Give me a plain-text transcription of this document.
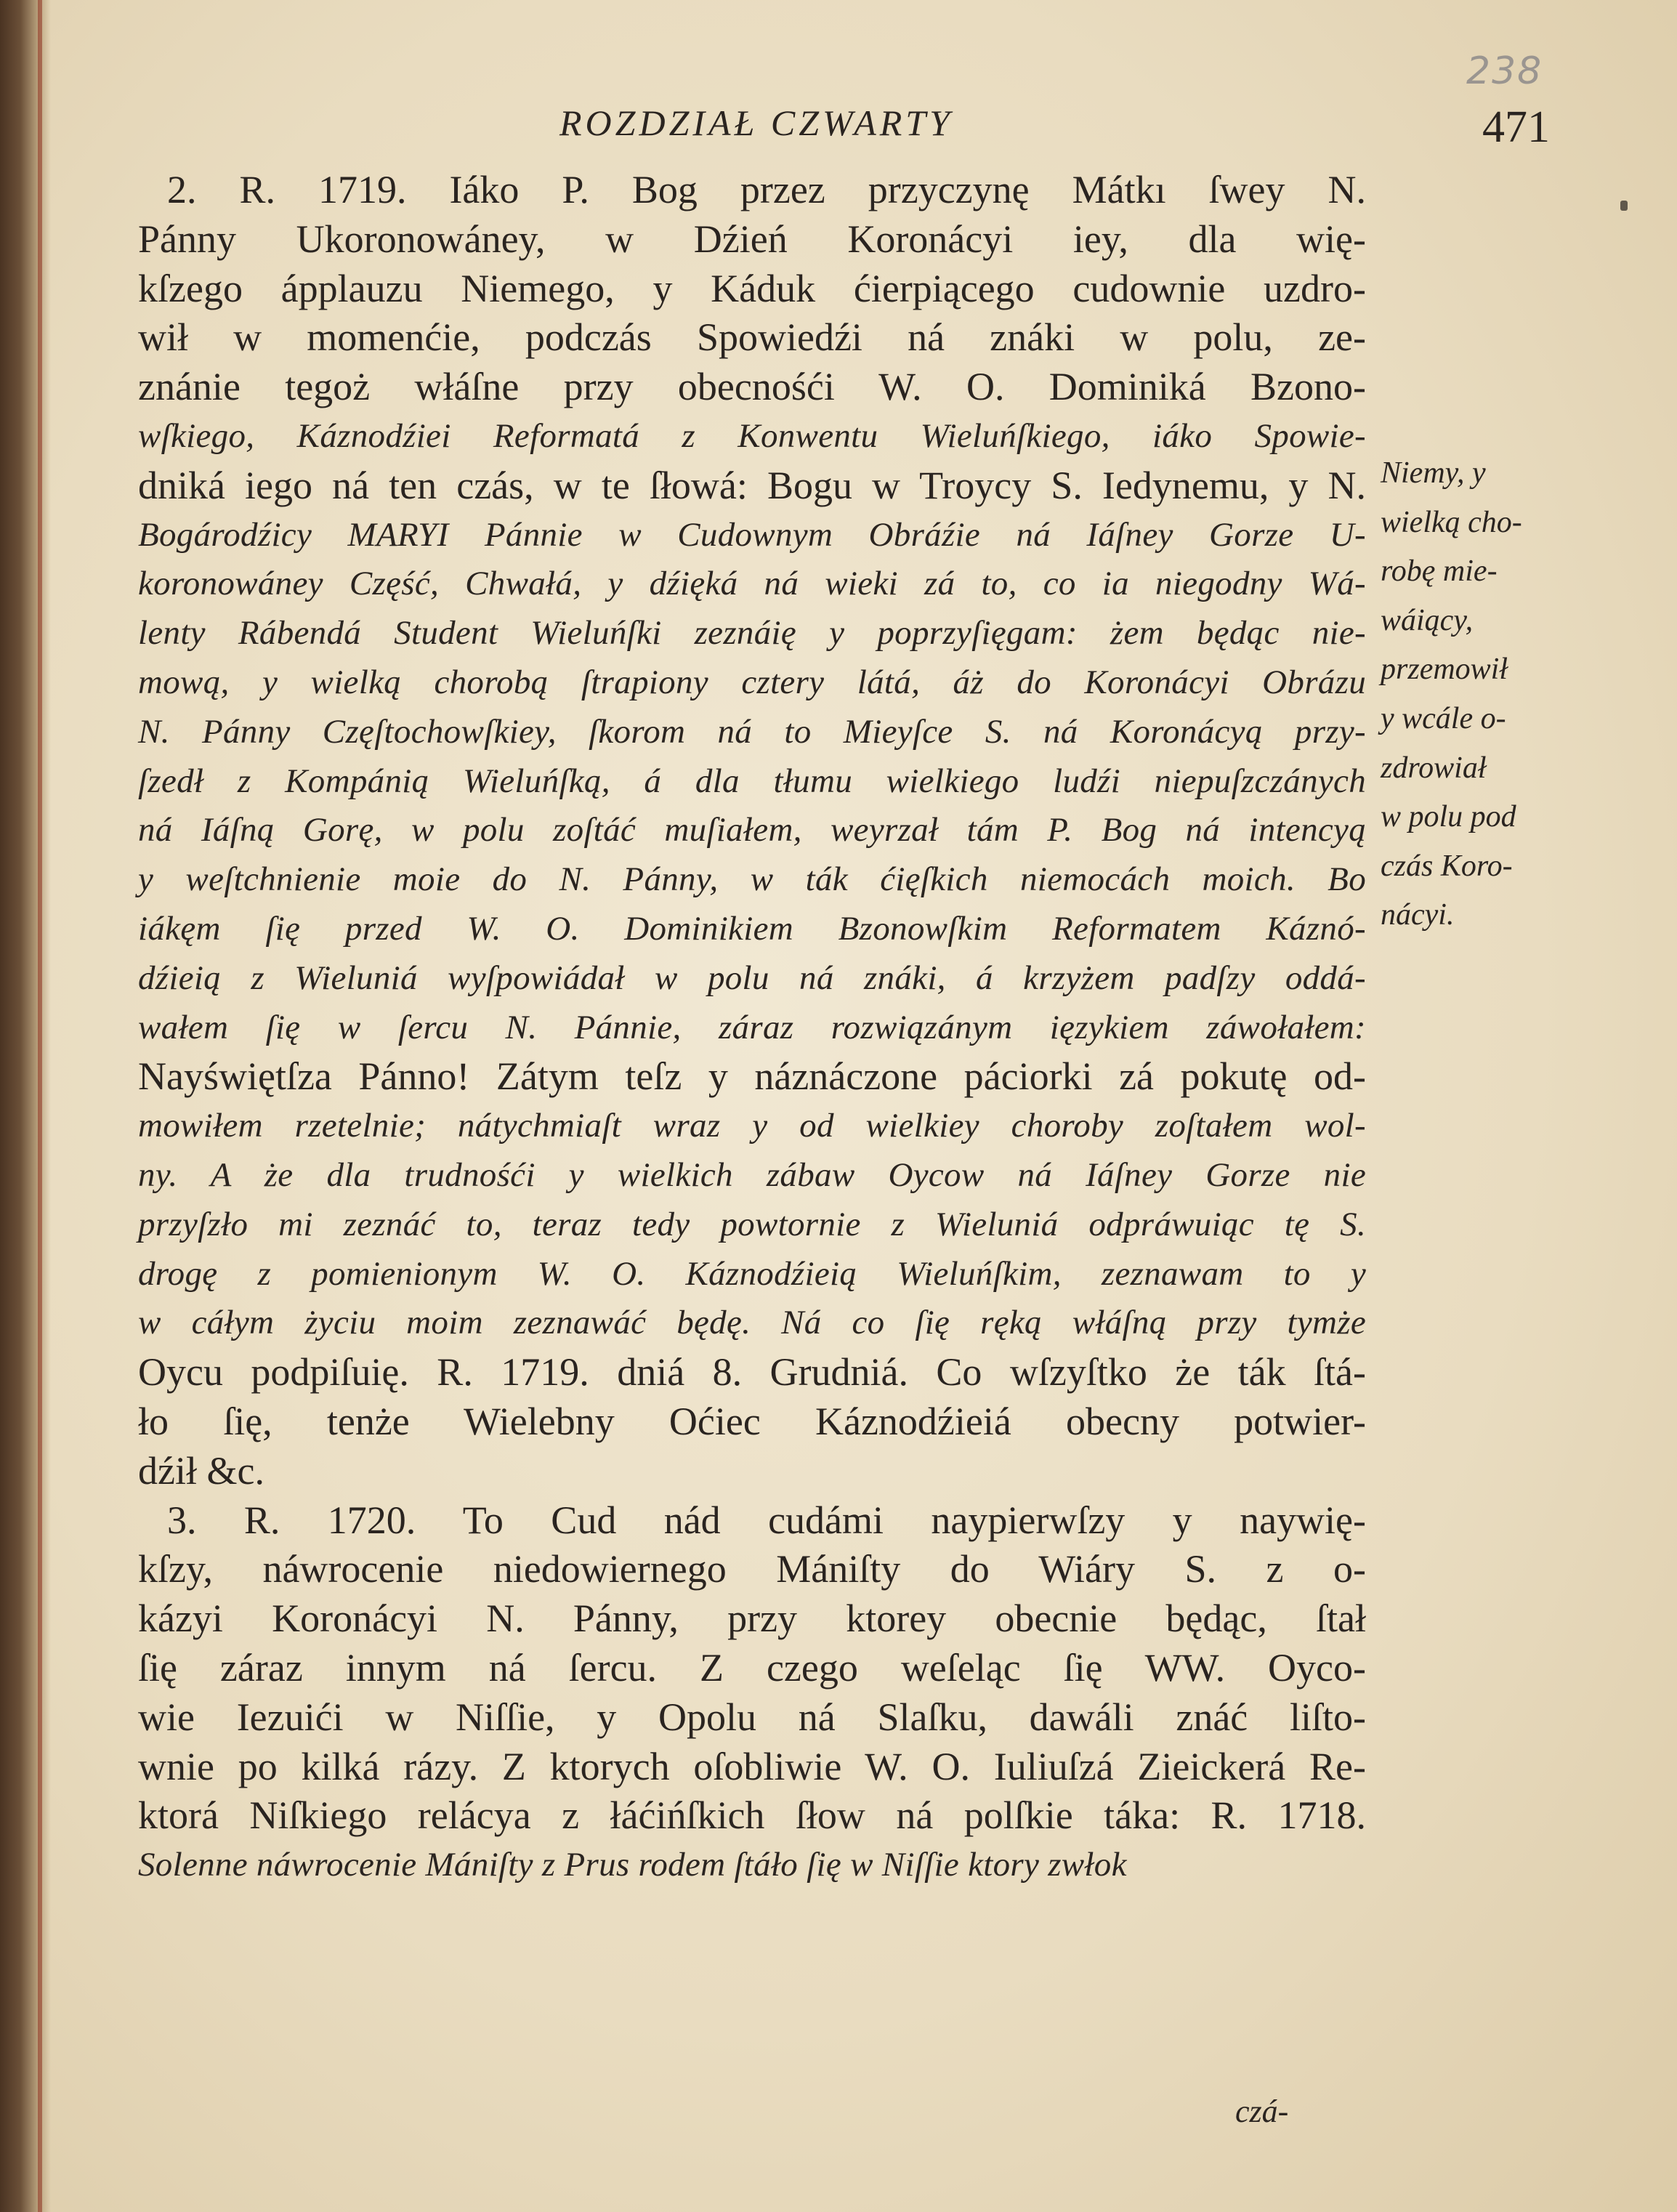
238
ROZDZIAŁ CZWARTY	471
2. R. 1719. Iáko P. Bog przez przyczynę Mátkı ſwey N.
Pánny Ukoronowáney, w Dźień Koronácyi iey, dla wię-
kſzego ápplauzu Niemego, y Káduk ćierpiącego cudownie uzdro-
wił w momenćie, podczás Spowiedźi ná znáki w polu, ze-
znánie tegoż włáſne przy obecnośći W. O. Dominiká Bzono-
wſkiego, Káznodźiei Reformatá z Konwentu Wieluńſkiego, iáko Spowie-
dniká iego ná ten czás, w te ſłowá: Bogu w Troycy S. Iedynemu, y N.
Bogárodźicy MARYI Pánnie w Cudownym Obráźie ná Iáſney Gorze U-
koronowáney Część, Chwałá, y dźięká ná wieki zá to, co ia niegodny Wá-
lenty Rábendá Student Wieluńſki zeznáię y poprzyſięgam: żem będąc nie-
mową, y wielką chorobą ſtrapiony cztery látá, áż do Koronácyi Obrázu
N. Pánny Częſtochowſkiey, ſkorom ná to Mieyſce S. ná Koronácyą przy-
ſzedł z Kompánią Wieluńſką, á dla tłumu wielkiego ludźi niepuſzczánych
ná Iáſną Gorę, w polu zoſtáć muſiałem, weyrzał tám P. Bog ná intencyą
y weſtchnienie moie do N. Pánny, w ták ćięſkich niemocách moich. Bo
iákęm ſię przed W. O. Dominikiem Bzonowſkim Reformatem Káznó-
dźieią z Wieluniá wyſpowiádał w polu ná znáki, á krzyżem padſzy oddá-
wałem ſię w ſercu N. Pánnie, záraz rozwiązánym ięzykiem záwołałem:
Nayświętſza Pánno! Zátym teſz y náznáczone páciorki zá pokutę od-
mowiłem rzetelnie; nátychmiaſt wraz y od wielkiey choroby zoſtałem wol-
ny. A że dla trudnośći y wielkich zábaw Oycow ná Iáſney Gorze nie
przyſzło mi zeznáć to, teraz tedy powtornie z Wieluniá odpráwuiąc tę S.
drogę z pomienionym W. O. Káznodźieią Wieluńſkim, zeznawam to y
w cáłym życiu moim zeznawáć będę. Ná co ſię ręką włáſną przy tymże
Oycu podpiſuię. R. 1719. dniá 8. Grudniá. Co wſzyſtko że ták ſtá-
ło ſię, tenże Wielebny Oćiec Káznodźieiá obecny potwier-
dźił &c.
3. R. 1720. To Cud nád cudámi naypierwſzy y naywię-
kſzy, náwrocenie niedowiernego Mániſty do Wiáry S. z o-
kázyi Koronácyi N. Pánny, przy ktorey obecnie będąc, ſtał
ſię záraz innym ná ſercu. Z czego weſeląc ſię WW. Oyco-
wie Iezuići w Niſſie, y Opolu ná Slaſku, dawáli znáć liſto-
wnie po kilká rázy. Z ktorych oſobliwie W. O. Iuliuſzá Zieickerá Re-
ktorá Niſkiego relácya z łáćińſkich ſłow ná polſkie táka: R. 1718.
Solenne náwrocenie Mániſty z Prus rodem ſtáło ſię w Niſſie ktory zwłok
Niemy, y
wielką cho-
robę mie-
wáiący,
przemowił
y wcále o-
zdrowiał
w polu pod
czás Koro-
nácyi.
czá-
